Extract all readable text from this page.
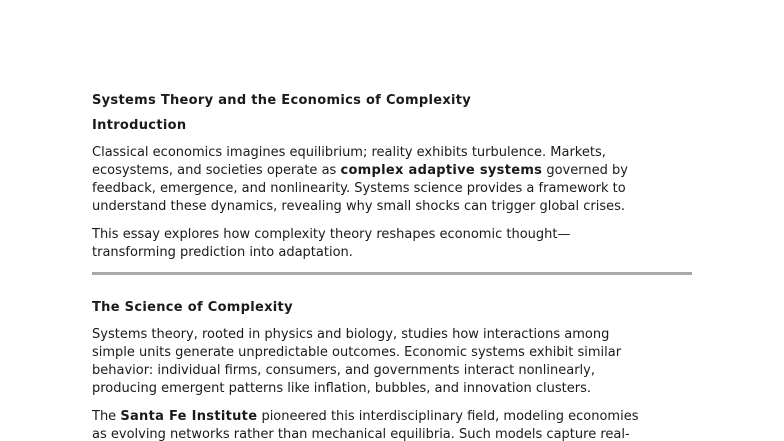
Systems Theory and the Economics of Complexity
Introduction

Classical economics imagines equilibrium; reality exhibits turbulence. Markets,
ecosystems, and societies operate as complex adaptive systems governed by
feedback, emergence, and nonlinearity. Systems science provides a framework to
understand these dynamics, revealing why small shocks can trigger global crises.

This essay explores how complexity theory reshapes economic thought—
transforming prediction into adaptation.

The Science of Complexity

Systems theory, rooted in physics and biology, studies how interactions among
simple units generate unpredictable outcomes. Economic systems exhibit similar
behavior: individual firms, consumers, and governments interact nonlinearly,
producing emergent patterns like inflation, bubbles, and innovation clusters.

The Santa Fe Institute pioneered this interdisciplinary field, modeling economies
as evolving networks rather than mechanical equilibria. Such models capture real-
